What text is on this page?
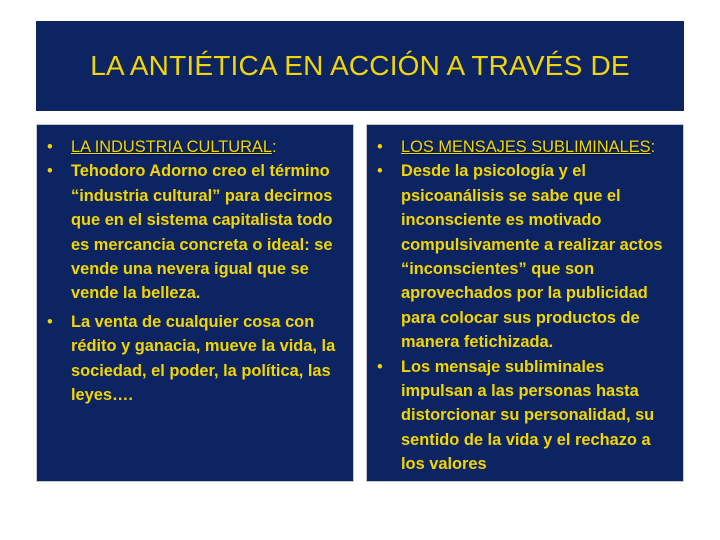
LA ANTIÉTICA EN ACCIÓN A TRAVÉS DE
• LA INDUSTRIA CULTURAL:
• Tehodoro Adorno creo el término “industria cultural” para decirnos que en el sistema capitalista todo es mercancia concreta o ideal: se vende una nevera igual que se vende la belleza.
• La venta de cualquier cosa con rédito y ganacia, mueve la vida, la sociedad, el poder, la política, las leyes….
• LOS MENSAJES SUBLIMINALES:
• Desde la psicología y el psicoanálisis se sabe que el inconsciente es motivado compulsivamente a realizar actos “inconscientes” que son aprovechados por la publicidad para colocar sus productos de manera fetichizada.
• Los mensaje subliminales impulsan a las personas hasta distorcionar su personalidad, su sentido de la vida y el rechazo a los valores
